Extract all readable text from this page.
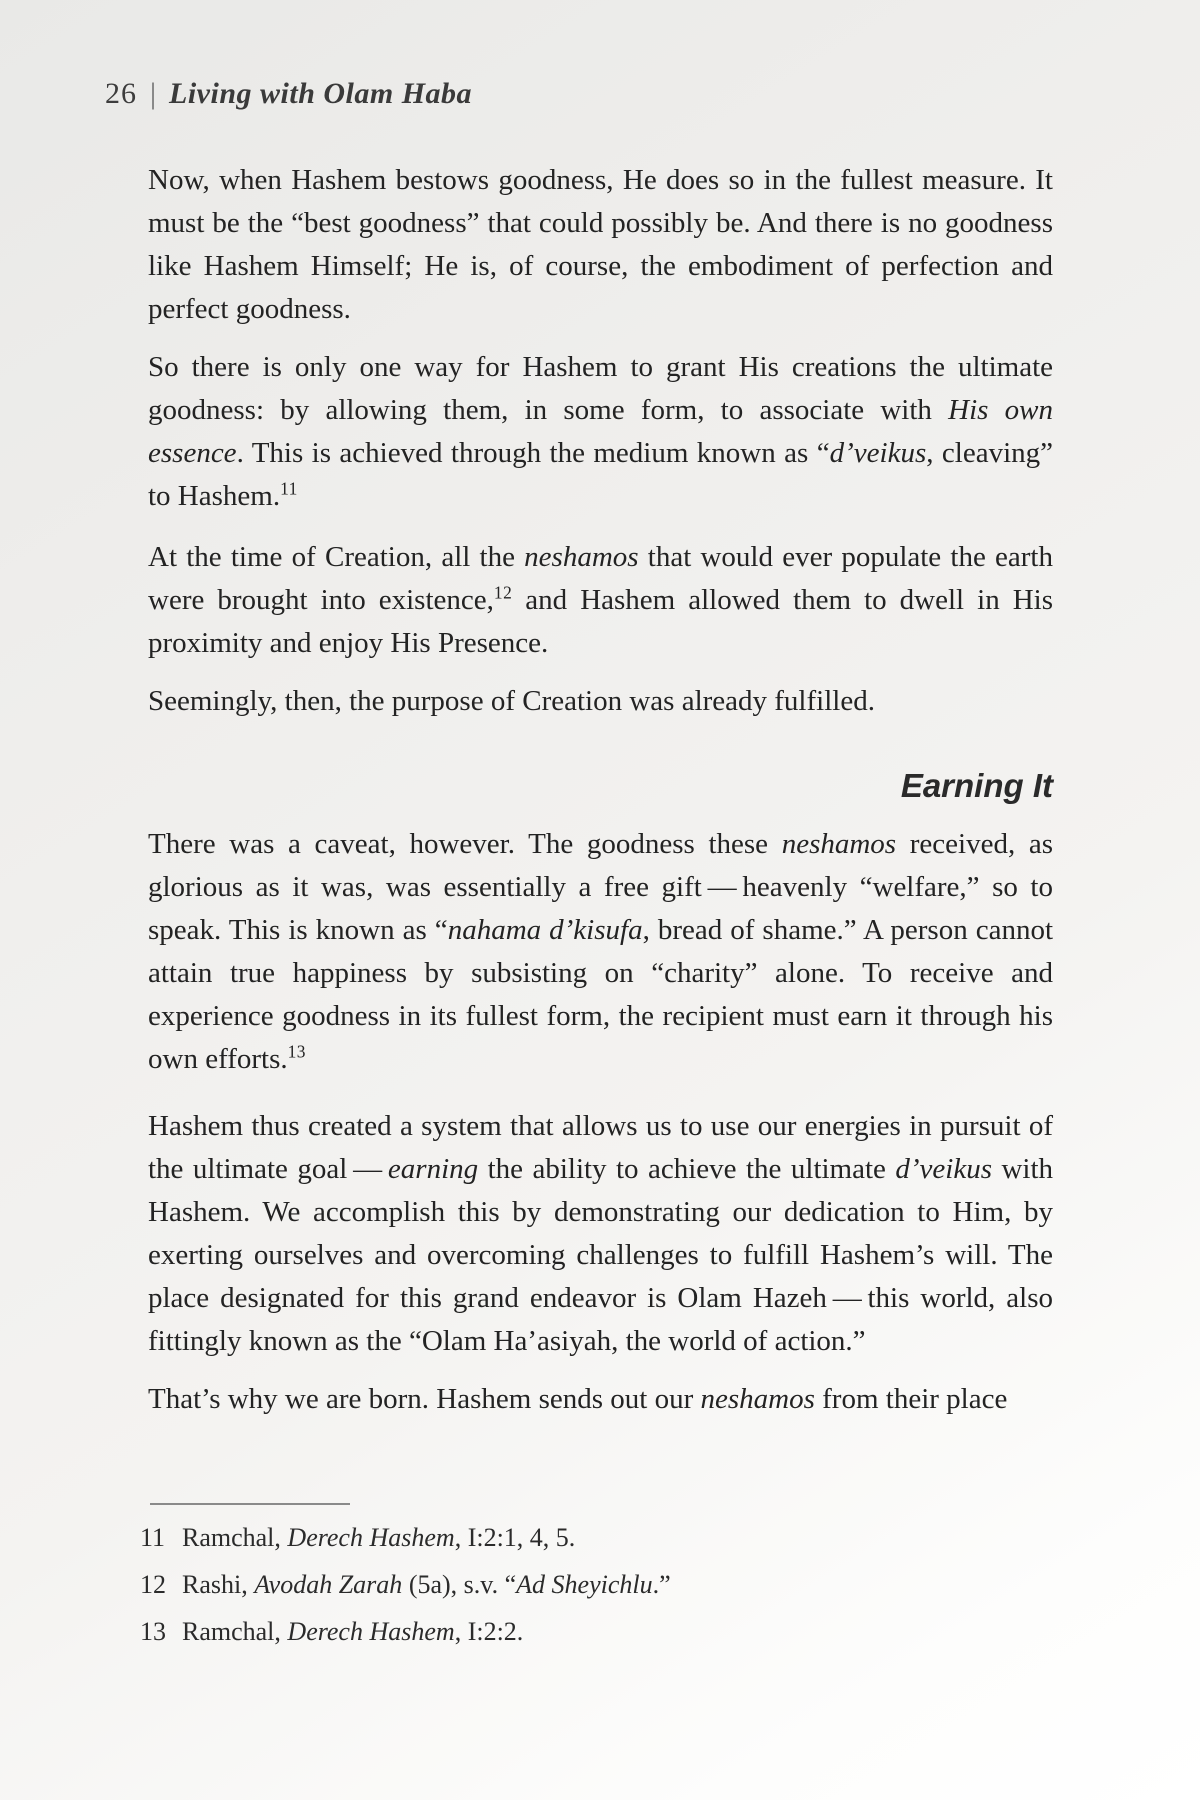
26 | Living with Olam Haba

Now, when Hashem bestows goodness, He does so in the fullest measure. It must be the “best goodness” that could possibly be. And there is no goodness like Hashem Himself; He is, of course, the embodiment of perfection and perfect goodness.

So there is only one way for Hashem to grant His creations the ultimate goodness: by allowing them, in some form, to associate with His own essence. This is achieved through the medium known as “d’veikus, cleaving” to Hashem.$^{11}$

At the time of Creation, all the neshamos that would ever populate the earth were brought into existence,$^{12}$ and Hashem allowed them to dwell in His proximity and enjoy His Presence.

Seemingly, then, the purpose of Creation was already fulfilled.

Earning It

There was a caveat, however. The goodness these neshamos received, as glorious as it was, was essentially a free gift — heavenly “welfare,” so to speak. This is known as “nahama d’kisufa, bread of shame.” A person cannot attain true happiness by subsisting on “charity” alone. To receive and experience goodness in its fullest form, the recipient must earn it through his own efforts.$^{13}$

Hashem thus created a system that allows us to use our energies in pursuit of the ultimate goal — earning the ability to achieve the ultimate d’veikus with Hashem. We accomplish this by demonstrating our dedication to Him, by exerting ourselves and overcoming challenges to fulfill Hashem’s will. The place designated for this grand endeavor is Olam Hazeh — this world, also fittingly known as the “Olam Ha’asiyah, the world of action.”

That’s why we are born. Hashem sends out our neshamos from their place

11 Ramchal, Derech Hashem, I:2:1, 4, 5.
12 Rashi, Avodah Zarah (5a), s.v. “Ad Sheyichlu.”
13 Ramchal, Derech Hashem, I:2:2.
